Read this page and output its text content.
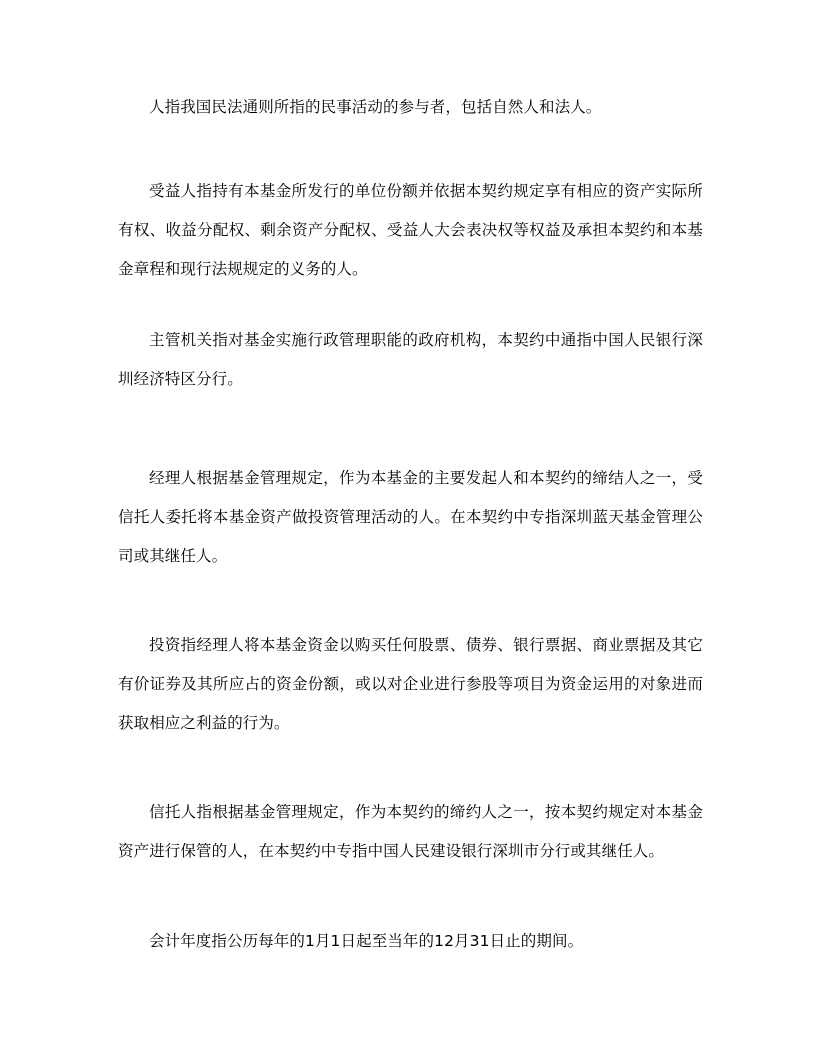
人指我国民法通则所指的民事活动的参与者，包括自然人和法人。

受益人指持有本基金所发行的单位份额并依据本契约规定享有相应的资产实际所有权、收益分配权、剩余资产分配权、受益人大会表决权等权益及承担本契约和本基金章程和现行法规规定的义务的人。

主管机关指对基金实施行政管理职能的政府机构，本契约中通指中国人民银行深圳经济特区分行。

经理人根据基金管理规定，作为本基金的主要发起人和本契约的缔结人之一，受信托人委托将本基金资产做投资管理活动的人。在本契约中专指深圳蓝天基金管理公司或其继任人。

投资指经理人将本基金资金以购买任何股票、债券、银行票据、商业票据及其它有价证券及其所应占的资金份额，或以对企业进行参股等项目为资金运用的对象进而获取相应之利益的行为。

信托人指根据基金管理规定，作为本契约的缔约人之一，按本契约规定对本基金资产进行保管的人，在本契约中专指中国人民建设银行深圳市分行或其继任人。

会计年度指公历每年的1月1日起至当年的12月31日止的期间。
